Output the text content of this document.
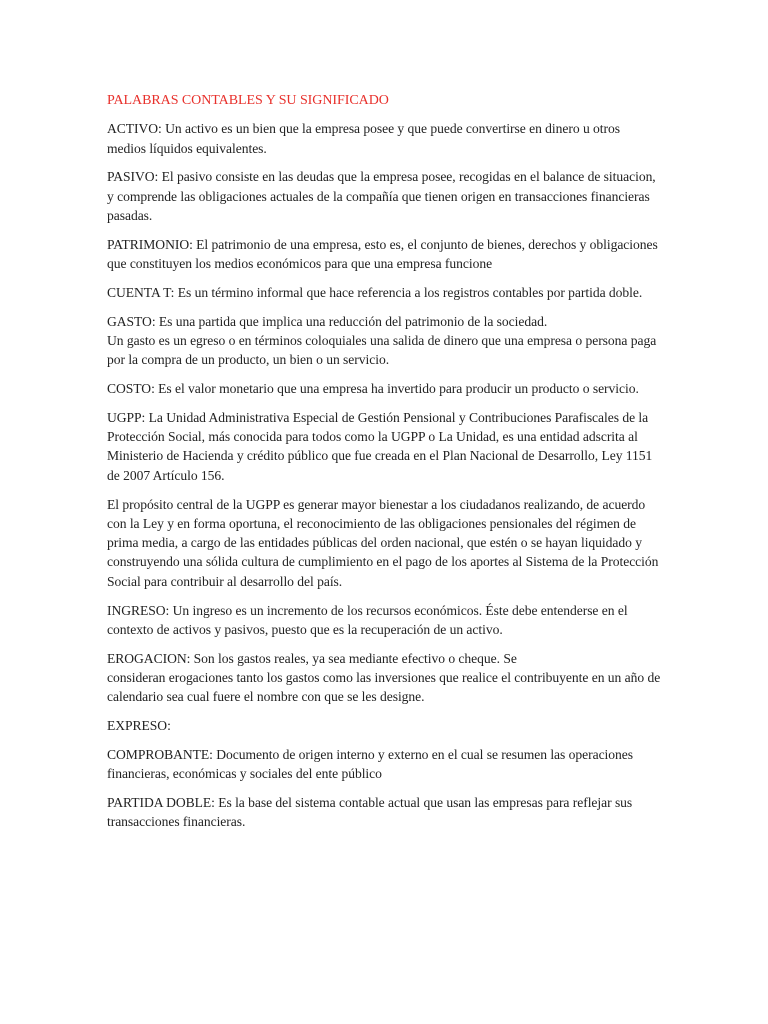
PALABRAS CONTABLES Y SU SIGNIFICADO

ACTIVO: Un activo es un bien que la empresa posee y que puede convertirse en dinero u otros medios líquidos equivalentes.

PASIVO: El pasivo consiste en las deudas que la empresa posee, recogidas en el balance de situacion, y comprende las obligaciones actuales de la compañía que tienen origen en transacciones financieras pasadas.

PATRIMONIO: El patrimonio de una empresa, esto es, el conjunto de bienes, derechos y obligaciones que constituyen los medios económicos para que una empresa funcione

CUENTA T: Es un término informal que hace referencia a los registros contables por partida doble.

GASTO: Es una partida que implica una reducción del patrimonio de la sociedad.
Un gasto es un egreso o en términos coloquiales una salida de dinero que una empresa o persona paga por la compra de un producto, un bien o un servicio.

COSTO: Es el valor monetario que una empresa ha invertido para producir un producto o servicio.

UGPP: La Unidad Administrativa Especial de Gestión Pensional y Contribuciones Parafiscales de la Protección Social, más conocida para todos como la UGPP o La Unidad, es una entidad adscrita al Ministerio de Hacienda y crédito público que fue creada en el Plan Nacional de Desarrollo, Ley 1151 de 2007 Artículo 156.

El propósito central de la UGPP es generar mayor bienestar a los ciudadanos realizando, de acuerdo con la Ley y en forma oportuna, el reconocimiento de las obligaciones pensionales del régimen de prima media, a cargo de las entidades públicas del orden nacional, que estén o se hayan liquidado y construyendo una sólida cultura de cumplimiento en el pago de los aportes al Sistema de la Protección Social para contribuir al desarrollo del país.

INGRESO: Un ingreso es un incremento de los recursos económicos. Éste debe entenderse en el contexto de activos y pasivos, puesto que es la recuperación de un activo.

EROGACION: Son los gastos reales, ya sea mediante efectivo o cheque. Se
consideran erogaciones tanto los gastos como las inversiones que realice el contribuyente en un año de calendario sea cual fuere el nombre con que se les designe.

EXPRESO:

COMPROBANTE: Documento de origen interno y externo en el cual se resumen las operaciones financieras, económicas y sociales del ente público

PARTIDA DOBLE: Es la base del sistema contable actual que usan las empresas para reflejar sus transacciones financieras.
